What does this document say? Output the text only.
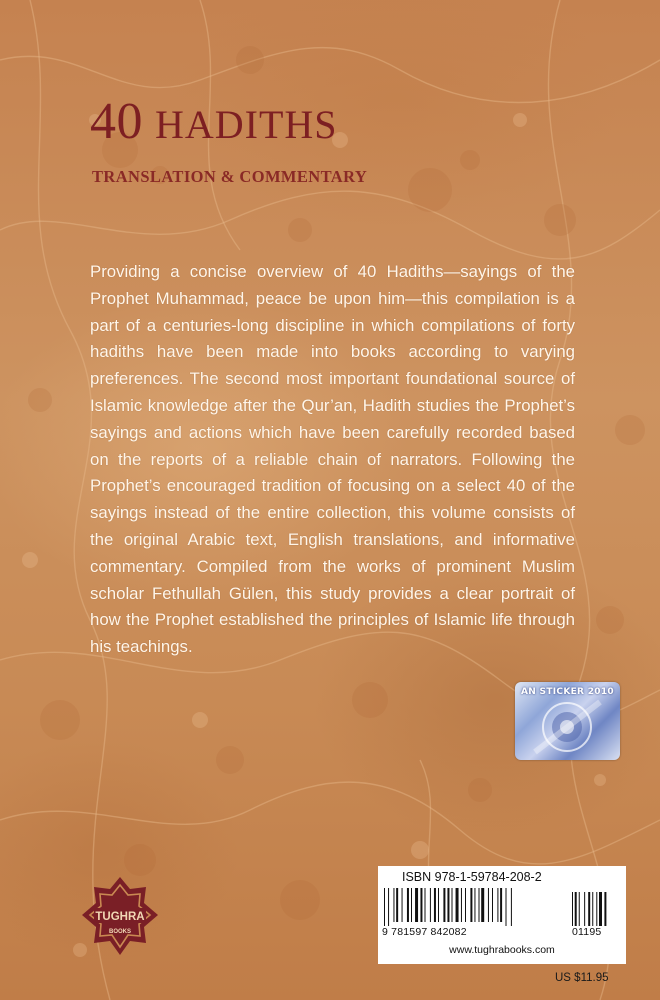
40 HADITHS
TRANSLATION & COMMENTARY

Providing a concise overview of 40 Hadiths—sayings of the Prophet Muhammad, peace be upon him—this compilation is a part of a centuries-long discipline in which compilations of forty hadiths have been made into books according to varying preferences. The second most important foundational source of Islamic knowledge after the Qur’an, Hadith studies the Prophet’s sayings and actions which have been carefully recorded based on the reports of a reliable chain of narrators. Following the Prophet’s encouraged tradition of focusing on a select 40 of the sayings instead of the entire collection, this volume consists of the original Arabic text, English translations, and informative commentary. Compiled from the works of prominent Muslim scholar Fethullah Gülen, this study provides a clear portrait of how the Prophet established the principles of Islamic life through his teachings.

AN STICKER 2010
TUGHRA
BOOKS
ISBN 978-1-59784-208-2
9 781597 842082	01195
www.tughrabooks.com
US $11.95
